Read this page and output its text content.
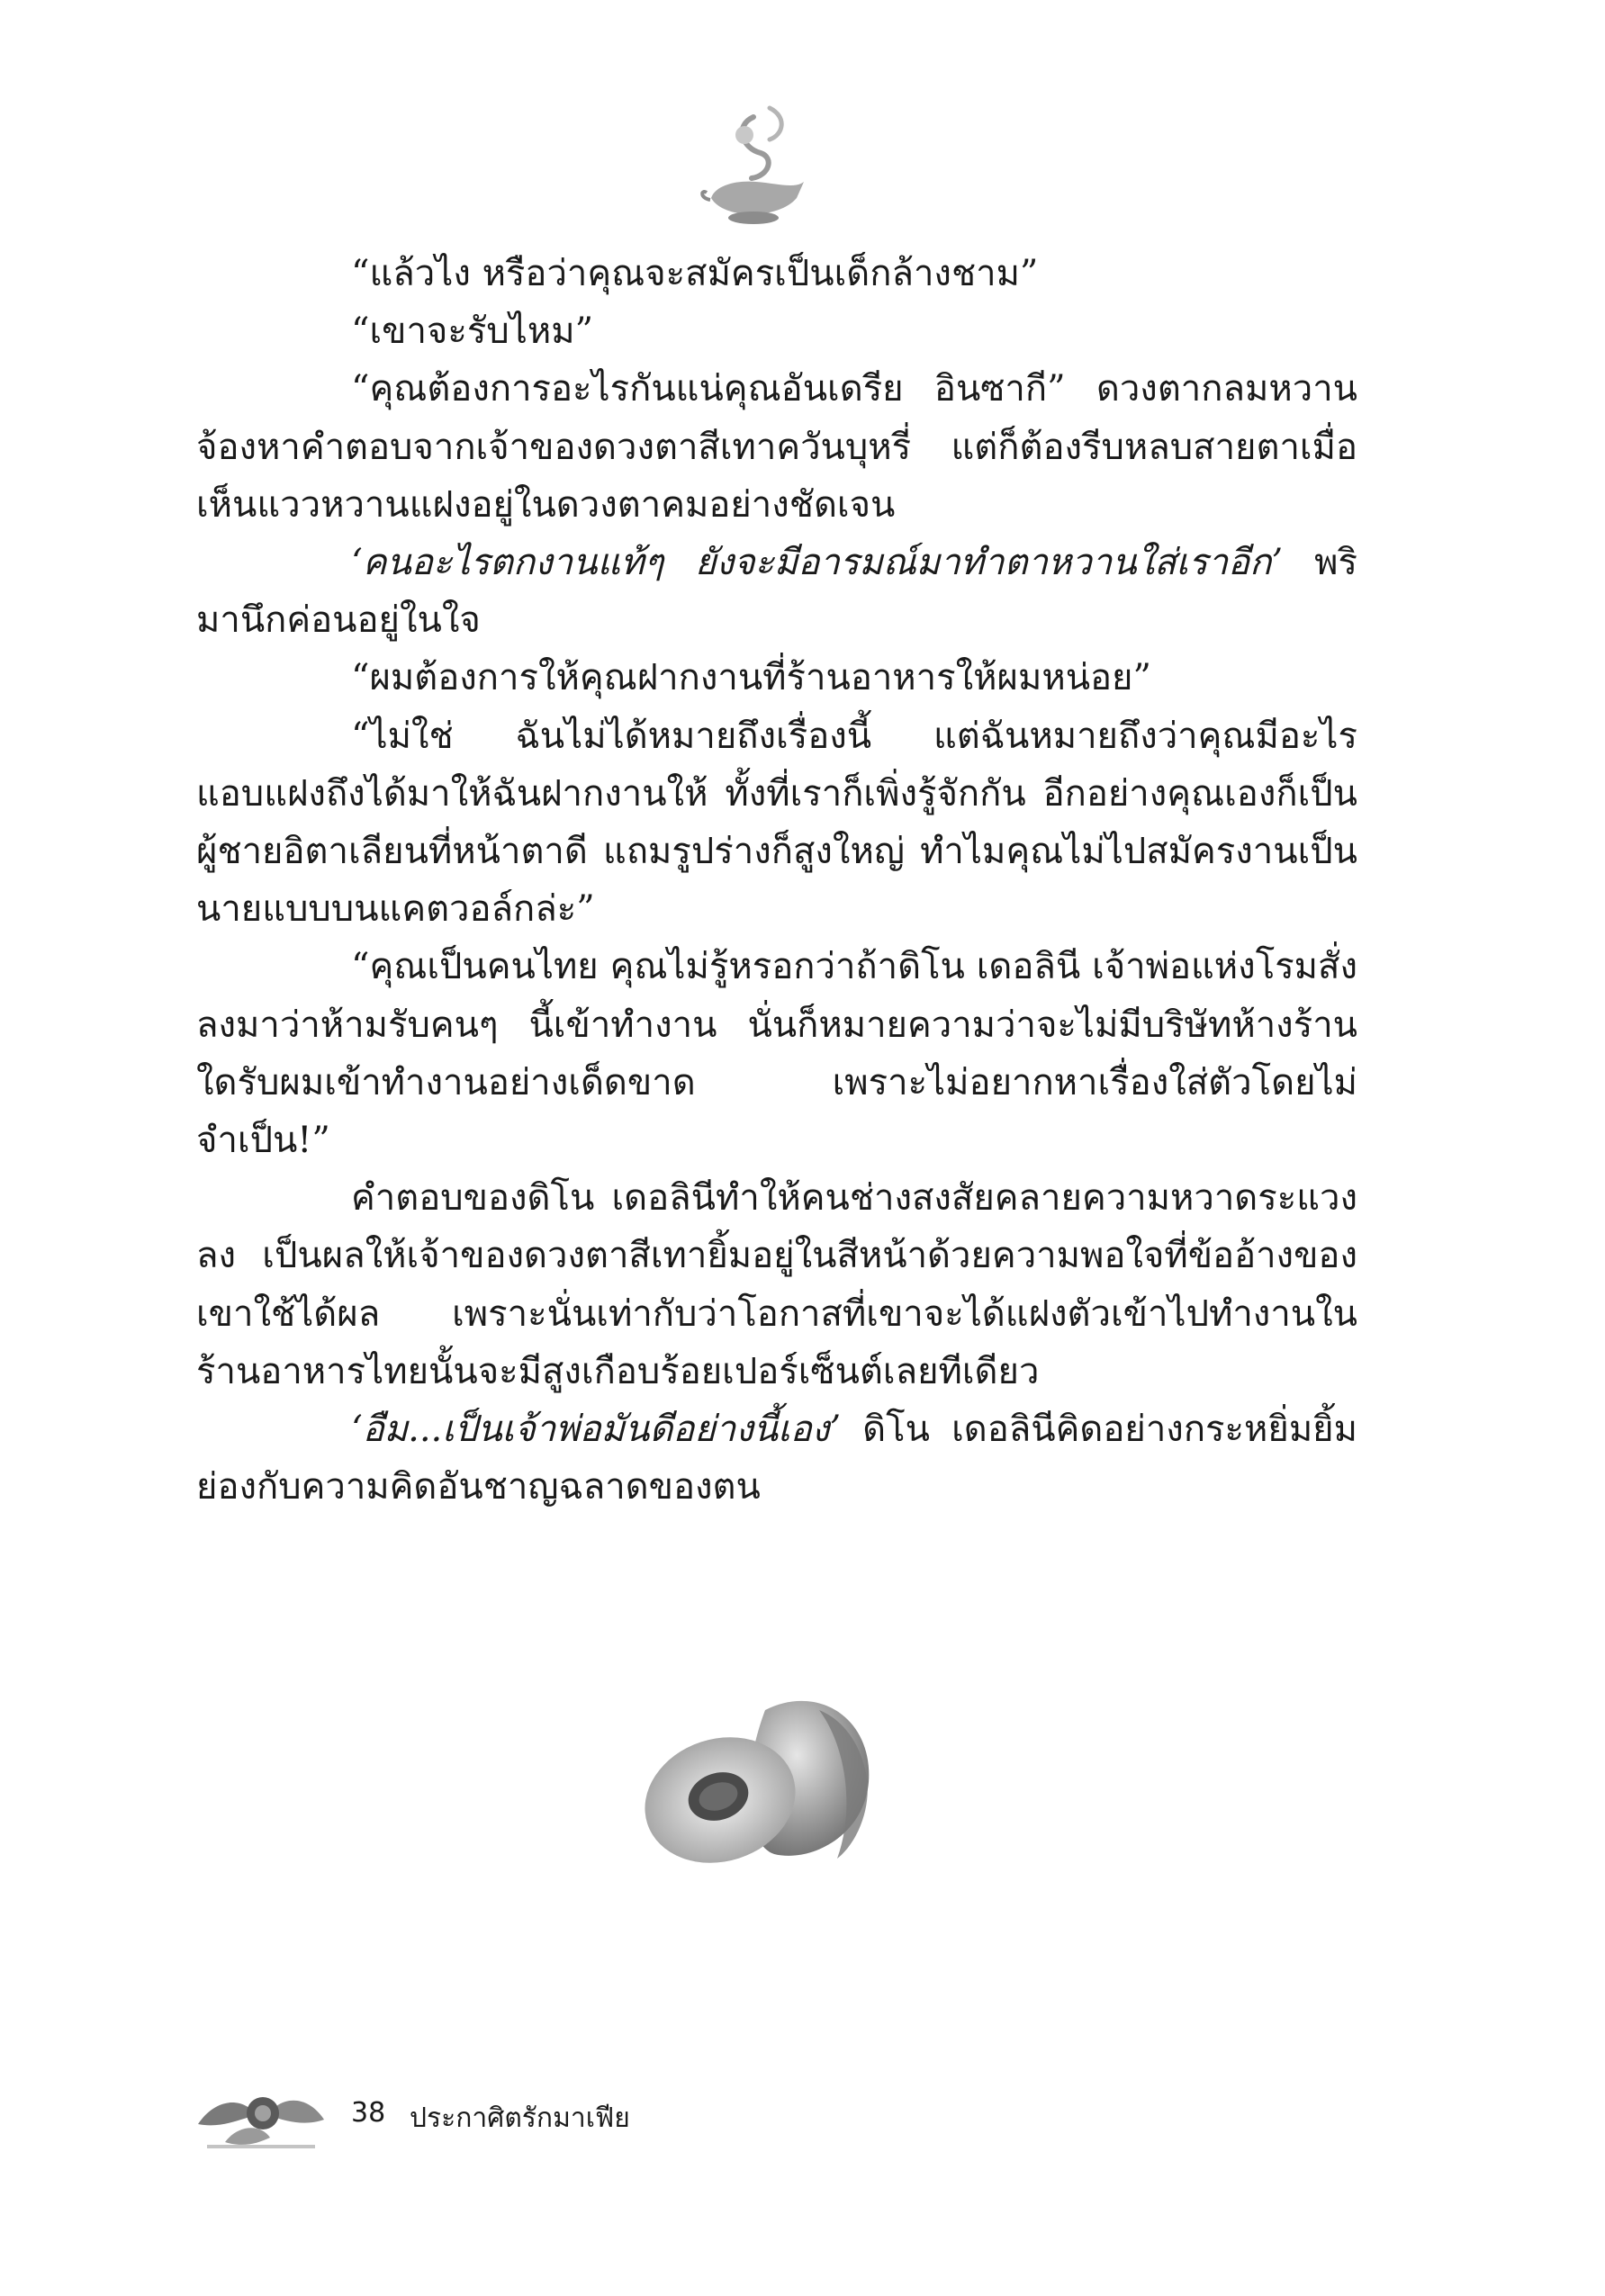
“แล้วไง หรือว่าคุณจะสมัครเป็นเด็กล้างชาม”

“เขาจะรับไหม”

“คุณต้องการอะไรกันแน่คุณอันเดรีย อินซากี” ดวงตากลมหวานจ้องหาคำตอบจากเจ้าของดวงตาสีเทาควันบุหรี่ แต่ก็ต้องรีบหลบสายตาเมื่อเห็นแววหวานแฝงอยู่ในดวงตาคมอย่างชัดเจน

‘คนอะไรตกงานแท้ๆ ยังจะมีอารมณ์มาทำตาหวานใส่เราอีก’ พริมานึกค่อนอยู่ในใจ

“ผมต้องการให้คุณฝากงานที่ร้านอาหารให้ผมหน่อย”

“ไม่ใช่ ฉันไม่ได้หมายถึงเรื่องนี้ แต่ฉันหมายถึงว่าคุณมีอะไรแอบแฝงถึงได้มาให้ฉันฝากงานให้ ทั้งที่เราก็เพิ่งรู้จักกัน อีกอย่างคุณเองก็เป็นผู้ชายอิตาเลียนที่หน้าตาดี แถมรูปร่างก็สูงใหญ่ ทำไมคุณไม่ไปสมัครงานเป็นนายแบบบนแคตวอล์กล่ะ”

“คุณเป็นคนไทย คุณไม่รู้หรอกว่าถ้าดิโน เดอลินี เจ้าพ่อแห่งโรมสั่งลงมาว่าห้ามรับคนๆ นี้เข้าทำงาน นั่นก็หมายความว่าจะไม่มีบริษัทห้างร้านใดรับผมเข้าทำงานอย่างเด็ดขาด เพราะไม่อยากหาเรื่องใส่ตัวโดยไม่จำเป็น!”

คำตอบของดิโน เดอลินีทำให้คนช่างสงสัยคลายความหวาดระแวงลง เป็นผลให้เจ้าของดวงตาสีเทายิ้มอยู่ในสีหน้าด้วยความพอใจที่ข้ออ้างของเขาใช้ได้ผล เพราะนั่นเท่ากับว่าโอกาสที่เขาจะได้แฝงตัวเข้าไปทำงานในร้านอาหารไทยนั้นจะมีสูงเกือบร้อยเปอร์เซ็นต์เลยทีเดียว

‘อืม...เป็นเจ้าพ่อมันดีอย่างนี้เอง’ ดิโน เดอลินีคิดอย่างกระหยิ่มยิ้มย่องกับความคิดอันชาญฉลาดของตน

38 ประกาศิตรักมาเฟีย
